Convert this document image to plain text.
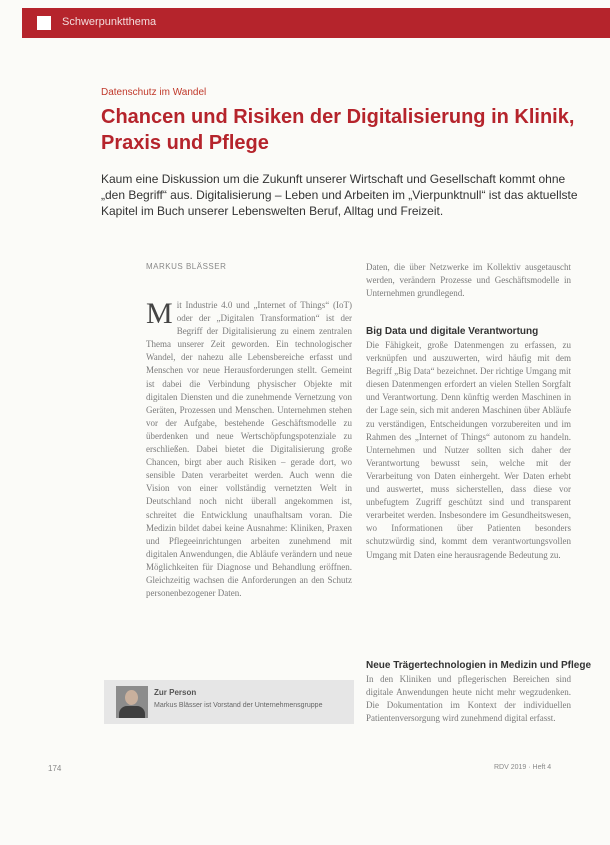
Schwerpunktthema
Datenschutz im Wandel
Chancen und Risiken der Digitalisierung in Klinik, Praxis und Pflege

Kaum eine Diskussion um die Zukunft unserer Wirtschaft und Gesellschaft kommt ohne „den Begriff“ aus. Digitalisierung – Leben und Arbeiten im „Vierpunktnull“ ist das aktuellste Kapitel im Buch unserer Lebenswelten Beruf, Alltag und Freizeit.

MARKUS BLÄSSER

Mit Industrie 4.0 und „Internet of Things“ (IoT) oder der „Digitalen Transformation“ ist der Begriff der Digitalisierung zu einem zentralen Thema unserer Zeit geworden. Ein technologischer Wandel, der nahezu alle Lebensbereiche erfasst und Menschen vor neue Herausforderungen stellt. Gemeint ist dabei die Verbindung physischer Objekte mit digitalen Diensten und die zunehmende Vernetzung von Geräten, Prozessen und Menschen. Unternehmen stehen vor der Aufgabe, bestehende Geschäftsmodelle zu überdenken und neue Wertschöpfungspotenziale zu erschließen. Dabei bietet die Digitalisierung große Chancen, birgt aber auch Risiken – gerade dort, wo sensible Daten verarbeitet werden. Auch wenn die Vision von einer vollständig vernetzten Welt in Deutschland noch nicht überall angekommen ist, schreitet die Entwicklung unaufhaltsam voran. Die Medizin bildet dabei keine Ausnahme: Kliniken, Praxen und Pflegeeinrichtungen arbeiten zunehmend mit digitalen Anwendungen, die Abläufe verändern und neue Möglichkeiten für Diagnose und Behandlung eröffnen. Gleichzeitig wachsen die Anforderungen an den Schutz personenbezogener Daten.

Daten, die über Netzwerke im Kollektiv ausgetauscht werden, verändern Prozesse und Geschäftsmodelle in Unternehmen grundlegend.

Big Data und digitale Verantwortung

Die Fähigkeit, große Datenmengen zu erfassen, zu verknüpfen und auszuwerten, wird häufig mit dem Begriff „Big Data“ bezeichnet. Der richtige Umgang mit diesen Datenmengen erfordert an vielen Stellen Sorgfalt und Verantwortung. Denn künftig werden Maschinen in der Lage sein, sich mit anderen Maschinen über Abläufe zu verständigen, Entscheidungen vorzubereiten und im Rahmen des „Internet of Things“ autonom zu handeln. Unternehmen und Nutzer sollten sich daher der Verantwortung bewusst sein, welche mit der Verarbeitung von Daten einhergeht. Wer Daten erhebt und auswertet, muss sicherstellen, dass diese vor unbefugtem Zugriff geschützt sind und transparent verarbeitet werden. Insbesondere im Gesundheitswesen, wo Informationen über Patienten besonders schutzwürdig sind, kommt dem verantwortungsvollen Umgang mit Daten eine herausragende Bedeutung zu.

Neue Trägertechnologien in Medizin und Pflege

In den Kliniken und pflegerischen Bereichen sind digitale Anwendungen heute nicht mehr wegzudenken. Die Dokumentation im Kontext der individuellen Patientenversorgung wird zunehmend digital erfasst.

Zur Person
Markus Blässer ist Vorstand der Unternehmensgruppe
174	RDV 2019 · Heft 4
